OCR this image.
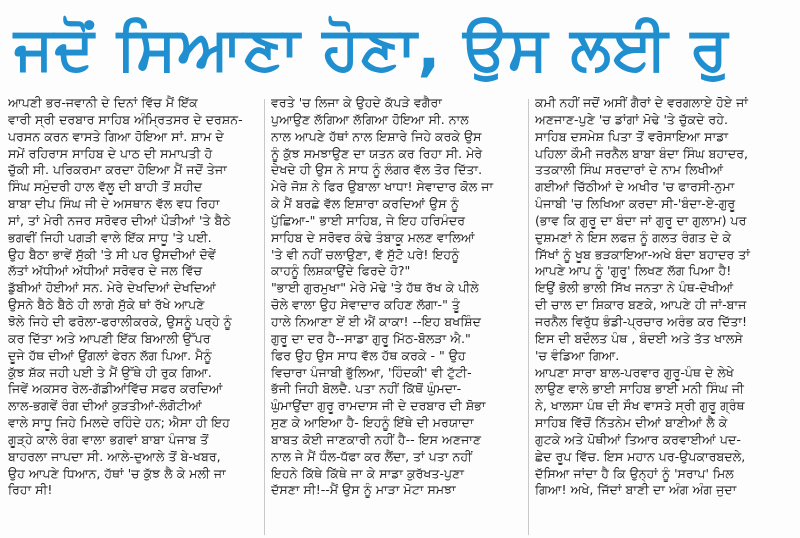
ਜਦੋਂ ਸਿਆਣਾ ਹੋਣਾ, ਉਸ ਲਈ ਰੁ
ਆਪਣੀ ਭਰ-ਜਵਾਨੀ ਦੇ ਦਿਨਾਂ ਵਿੱਚ ਮੈਂ ਇੱਕ
ਵਾਰੀ ਸ੍ਰੀ ਦਰਬਾਰ ਸਾਹਿਬ ਅੰਮ੍ਰਿਤਸਰ ਦੇ ਦਰਸ਼ਨ-
ਪਰਸਨ ਕਰਨ ਵਾਸਤੇ ਗਿਆ ਹੋਇਆ ਸਾਂ. ਸ਼ਾਮ ਦੇ
ਸਮੇਂ ਰਹਿਰਾਸ ਸਾਹਿਬ ਦੇ ਪਾਠ ਦੀ ਸਮਾਪਤੀ ਹੋ
ਚੁੱਕੀ ਸੀ. ਪਰਿਕਰਮਾ ਕਰਦਾ ਹੋਇਆ ਮੈਂ ਜਦੋਂ ਤੇਜਾ
ਸਿੰਘ ਸਮੁੰਦਰੀ ਹਾਲ ਵੱਲੂ ਦੀ ਬਾਹੀ ਤੋਂ ਸ਼ਹੀਦ
ਬਾਬਾ ਦੀਪ ਸਿੰਘ ਜੀ ਦੇ ਅਸਥਾਨ ਵੱਲ ਵਧ ਰਿਹਾ
ਸਾਂ, ਤਾਂ ਮੇਰੀ ਨਜਰ ਸਰੋਵਰ ਦੀਆਂ ਪੌੜੀਆਂ 'ਤੇ ਬੈਠੇ
ਭਗਵੀਂ ਜਿਹੀ ਪਗੜੀ ਵਾਲੇ ਇੱਕ ਸਾਧੂ 'ਤੇ ਪਈ.
ਉਹ ਬੈਠਾ ਭਾਵੇਂ ਸੁੱਕੀ 'ਤੇ ਸੀ ਪਰ ਉਸਦੀਆਂ ਦੋਵੇਂ
ਲੱਤਾਂ ਅੱਧੀਆਂ ਅੱਧੀਆਂ ਸਰੋਵਰ ਦੇ ਜਲ ਵਿੱਚ
ਡੁੱਬੀਆਂ ਹੋਈਆਂ ਸਨ. ਮੇਰੇ ਦੇਖਦਿਆਂ ਦੇਖਦਿਆਂ
ਉਸਨੇ ਬੈਠੇ ਬੈਠੇ ਹੀ ਲਾਗੇ ਸੁੱਕੇ ਥਾਂ ਰੱਖੇ ਆਪਣੇ
ਝੋਲੇ ਜਿਹੇ ਦੀ ਫਰੋਲਾ-ਫਰਾਲੀਕਰਕੇ, ਉਸਨੂੰ ਪਰ੍ਹੇ ਨੂੰ
ਕਰ ਦਿੱਤਾ ਅਤੇ ਆਪਣੀ ਇੱਕ ਬਿਆਲੀ ਉੱਪਰ
ਦੂਜੇ ਹੱਥ ਦੀਆਂ ਉਂਗਲਾਂ ਫੇਰਨ ਲੱਗ ਪਿਆ. ਮੈਨੂੰ
ਕੁੱਝ ਸ਼ੱਕ ਜਹੀ ਪਈ ਤੇ ਮੈਂ ਉੱਥੇ ਹੀ ਰੁਕ ਗਿਆ.
ਜਿਵੇਂ ਅਕਸਰ ਰੇਲ-ਗੱਡੀਆਂਵਿੱਚ ਸਫਰ ਕਰਦਿਆਂ
ਲਾਲ-ਭਗਵੇਂ ਰੰਗ ਦੀਆਂ ਕੁੜਤੀਆਂ-ਲੰਗੋਟੀਆਂ
ਵਾਲੇ ਸਾਧੂ ਜਿਹੇ ਮਿਲਦੇ ਰਹਿੰਦੇ ਹਨ; ਐਸਾ ਹੀ ਇਹ
ਗੂੜ੍ਹੇ ਕਾਲੇ ਰੰਗ ਵਾਲਾ ਭਗਵਾਂ ਬਾਬਾ ਪੰਜਾਬ ਤੋਂ
ਬਾਹਰਲਾ ਜਾਪਦਾ ਸੀ. ਆਲੇ-ਦੁਆਲੇ ਤੋਂ ਬੇ-ਖਬਰ,
ਉਹ ਆਪਣੇ ਧਿਆਨ, ਹੱਥਾਂ 'ਚ ਕੁੱਝ ਲੈ ਕੇ ਮਲੀ ਜਾ
ਰਿਹਾ ਸੀ!
ਵਰਤੇ 'ਚ ਲਿਜਾ ਕੇ ਉਹਦੇ ਕੱਪੜੇ ਵਗੈਰਾ
ਪੁਆਉਣ ਲੱਗਿਆ ਲੱਗਿਆ ਹੋਇਆ ਸੀ. ਨਾਲ
ਨਾਲ ਆਪਣੇ ਹੱਥਾਂ ਨਾਲ ਇਸ਼ਾਰੇ ਜਿਹੇ ਕਰਕੇ ਉਸ
ਨੂੰ ਕੁੱਝ ਸਮਝਾਉਣ ਦਾ ਯਤਨ ਕਰ ਰਿਹਾ ਸੀ. ਮੇਰੇ
ਦੇਖਦੇ ਹੀ ਉਸ ਨੇ ਸਾਧ ਨੂੰ ਲੰਗਰ ਵੱਲ ਤੋਰ ਦਿੱਤਾ.
ਮੇਰੇ ਜੋਸ਼ ਨੇ ਫਿਰ ਉਬਾਲਾ ਖਾਧਾ! ਸੇਵਾਦਾਰ ਕੋਲ ਜਾ
ਕੇ ਮੈਂ ਬਰਛੇ ਵੱਲ ਇਸ਼ਾਰਾ ਕਰਦਿਆਂ ਉਸ ਨੂੰ
ਪੁੱਛਿਆ-" ਭਾਈ ਸਾਹਿਬ, ਜੇ ਇਹ ਹਰਿਮੰਦਰ
ਸਾਹਿਬ ਦੇ ਸਰੋਵਰ ਕੰਢੇ ਤੰਬਾਕੂ ਮਲਣ ਵਾਲਿਆਂ
'ਤੇ ਵੀ ਨਹੀਂ ਚਲਾਉਣਾ, ਵੱ ਸੁੱਟੋ ਪਰੇ! ਇਹਨੂੰ
ਕਾਹਨੂੰ ਲਿਸ਼ਕਾਉਂਦੇ ਫਿਰਦੇ ਹੋ?"
"ਭਾਈ ਗੁਰਮੁਖਾ" ਮੇਰੇ ਮੋਢੇ 'ਤੇ ਹੱਥ ਰੱਖ ਕੇ ਪੀਲੇ
ਚੋਲੇ ਵਾਲਾ ਉਹ ਸੇਵਾਦਾਰ ਕਹਿਣ ਲੱਗਾ-" ਤੂੰ
ਹਾਲੇ ਨਿਆਣਾ ਏਂ ਈ ਐਂ ਕਾਕਾ! --ਇਹ ਬਖਸ਼ਿੰਦ
ਗੁਰੂ ਦਾ ਦਰ ਹੈ--ਸਾਡਾ ਗੁਰੂ ਮਿੱਠ-ਬੋਲੜਾ ਐ."
ਫਿਰ ਉਹ ਉਸ ਸਾਧ ਵੱਲ ਹੱਥ ਕਰਕੇ - " ਉਹ
ਵਿਚਾਰਾ ਪੰਜਾਬੀ ਭੁੱਲਿਆ, 'ਹਿੰਦਕੀ' ਵੀ ਟੁੱਟੀ-
ਭੱਜੀ ਜਿਹੀ ਬੋਲਦੈ. ਪਤਾ ਨਹੀਂ ਕਿੱਥੋਂ ਘੁੰਮਦਾ-
ਘੁੰਮਾਉਂਦਾ ਗੁਰੂ ਰਾਮਦਾਸ ਜੀ ਦੇ ਦਰਬਾਰ ਦੀ ਸ਼ੋਭਾ
ਸੁਣ ਕੇ ਆਇਆ ਹੈ- ਇਹਨੂੰ ਇੱਥੇ ਦੀ ਮਰਯਾਦਾ
ਬਾਬਤ ਕੋਈ ਜਾਣਕਾਰੀ ਨਹੀਂ ਹੈ-- ਇਸ ਅਣਜਾਣ
ਨਾਲ ਜੇ ਮੈਂ ਧੌਲ-ਧੱਫਾ ਕਰ ਲੈਂਦਾ, ਤਾਂ ਪਤਾ ਨਹੀਂ
ਇਹਨੇ ਕਿੱਥੇ ਕਿੱਥੇ ਜਾ ਕੇ ਸਾਡਾ ਕੁਰੱਖਤ-ਪੁਣਾ
ਦੱਸਣਾ ਸੀ!--ਮੈਂ ਉਸ ਨੂੰ ਮਾੜਾ ਮੋਟਾ ਸਮਝਾ
ਕਮੀ ਨਹੀਂ ਜਦੋਂ ਅਸੀਂ ਗੈਰਾਂ ਦੇ ਵਰਗਲਾਏ ਹੋਏ ਜਾਂ
ਅਣਜਾਣ-ਪੁਣੇ 'ਚ ਡਾਂਗਾਂ ਮੋਢੇ 'ਤੇ ਚੁੱਕਦੇ ਰਹੇ.
ਸਾਹਿਬ ਦਸਮੇਸ਼ ਪਿਤਾ ਤੋਂ ਵਰੋਸਾਇਆ ਸਾਡਾ
ਪਹਿਲਾ ਕੌਮੀ ਜਰਨੈਲ ਬਾਬਾ ਬੰਦਾ ਸਿੰਘ ਬਹਾਦਰ,
ਤਤਕਾਲੀ ਸਿੰਘ ਸਰਦਾਰਾਂ ਦੇ ਨਾਮ ਲਿਖੀਆਂ
ਗਈਆਂ ਚਿੱਠੀਆਂ ਦੇ ਅਖੀਰ 'ਚ ਫਾਰਸੀ-ਨੁਮਾ
ਪੰਜਾਬੀ 'ਚ ਲਿਖਿਆ ਕਰਦਾ ਸੀ-'ਬੰਦਾ-ਏ-ਗੁਰੂ
(ਭਾਵ ਕਿ ਗੁਰੂ ਦਾ ਬੰਦਾ ਜਾਂ ਗੁਰੂ ਦਾ ਗੁਲਾਮ) ਪਰ
ਦੁਸ਼ਮਣਾਂ ਨੇ ਇਸ ਲਫਜ਼ ਨੂੰ ਗਲਤ ਰੰਗਤ ਦੇ ਕੇ
ਸਿੱਖਾਂ ਨੂੰ ਖੂਬ ਭੜਕਾਇਆ-ਅਖੇ ਬੰਦਾ ਬਹਾਦਰ ਤਾਂ
ਆਪਣੇ ਆਪ ਨੂੰ 'ਗੁਰੂ' ਲਿਖਣ ਲੱਗ ਪਿਆ ਹੈ!
ਇਉਂ ਭੋਲੀ ਭਾਲੀ ਸਿੱਖ ਜਨਤਾ ਨੇ ਪੰਥ-ਦੋਖੀਆਂ
ਦੀ ਚਾਲ ਦਾ ਸ਼ਿਕਾਰ ਬਣਕੇ, ਆਪਣੇ ਹੀ ਜਾਂ-ਬਾਜ
ਜਰਨੈਲ ਵਿਰੁੱਧ ਭੰਡੀ-ਪ੍ਰਚਾਰ ਅਰੰਭ ਕਰ ਦਿੱਤਾ!
ਇਸ ਦੀ ਬਦੌਲਤ ਪੰਥ , ਬੰਦਈ ਅਤੇ ਤੱਤ ਖਾਲਸੇ
'ਚ ਵੰਡਿਆ ਗਿਆ.
ਆਪਣਾ ਸਾਰਾ ਬਾਲ-ਪਰਵਾਰ ਗੁਰੂ-ਪੰਥ ਦੇ ਲੇਖੇ
ਲਾਉਣ ਵਾਲੇ ਭਾਈ ਸਾਹਿਬ ਭਾਈ ਮਨੀ ਸਿੰਘ ਜੀ
ਨੇ, ਖਾਲਸਾ ਪੰਥ ਦੀ ਸੌਖ ਵਾਸਤੇ ਸ੍ਰੀ ਗੁਰੂ ਗ੍ਰੰਥ
ਸਾਹਿਬ ਵਿੱਚੋਂ ਨਿੱਤਨੇਮ ਦੀਆਂ ਬਾਣੀਆਂ ਲੈ ਕੇ
ਗੁਟਕੇ ਅਤੇ ਪੋਥੀਆਂ ਤਿਆਰ ਕਰਵਾਈਆਂ ਪਦ-
ਛੇਦ ਰੂਪ ਵਿੱਚ. ਇਸ ਮਹਾਨ ਪਰ-ਉਪਕਾਰਬਦਲੇ,
ਦੱਸਿਆ ਜਾਂਦਾ ਹੈ ਕਿ ਉਨ੍ਹਾਂ ਨੂੰ 'ਸਰਾਪ' ਮਿਲ
ਗਿਆ! ਅਖੇ, ਜਿੱਦਾਂ ਬਾਣੀ ਦਾ ਅੰਗ ਅੰਗ ਜੁਦਾ
